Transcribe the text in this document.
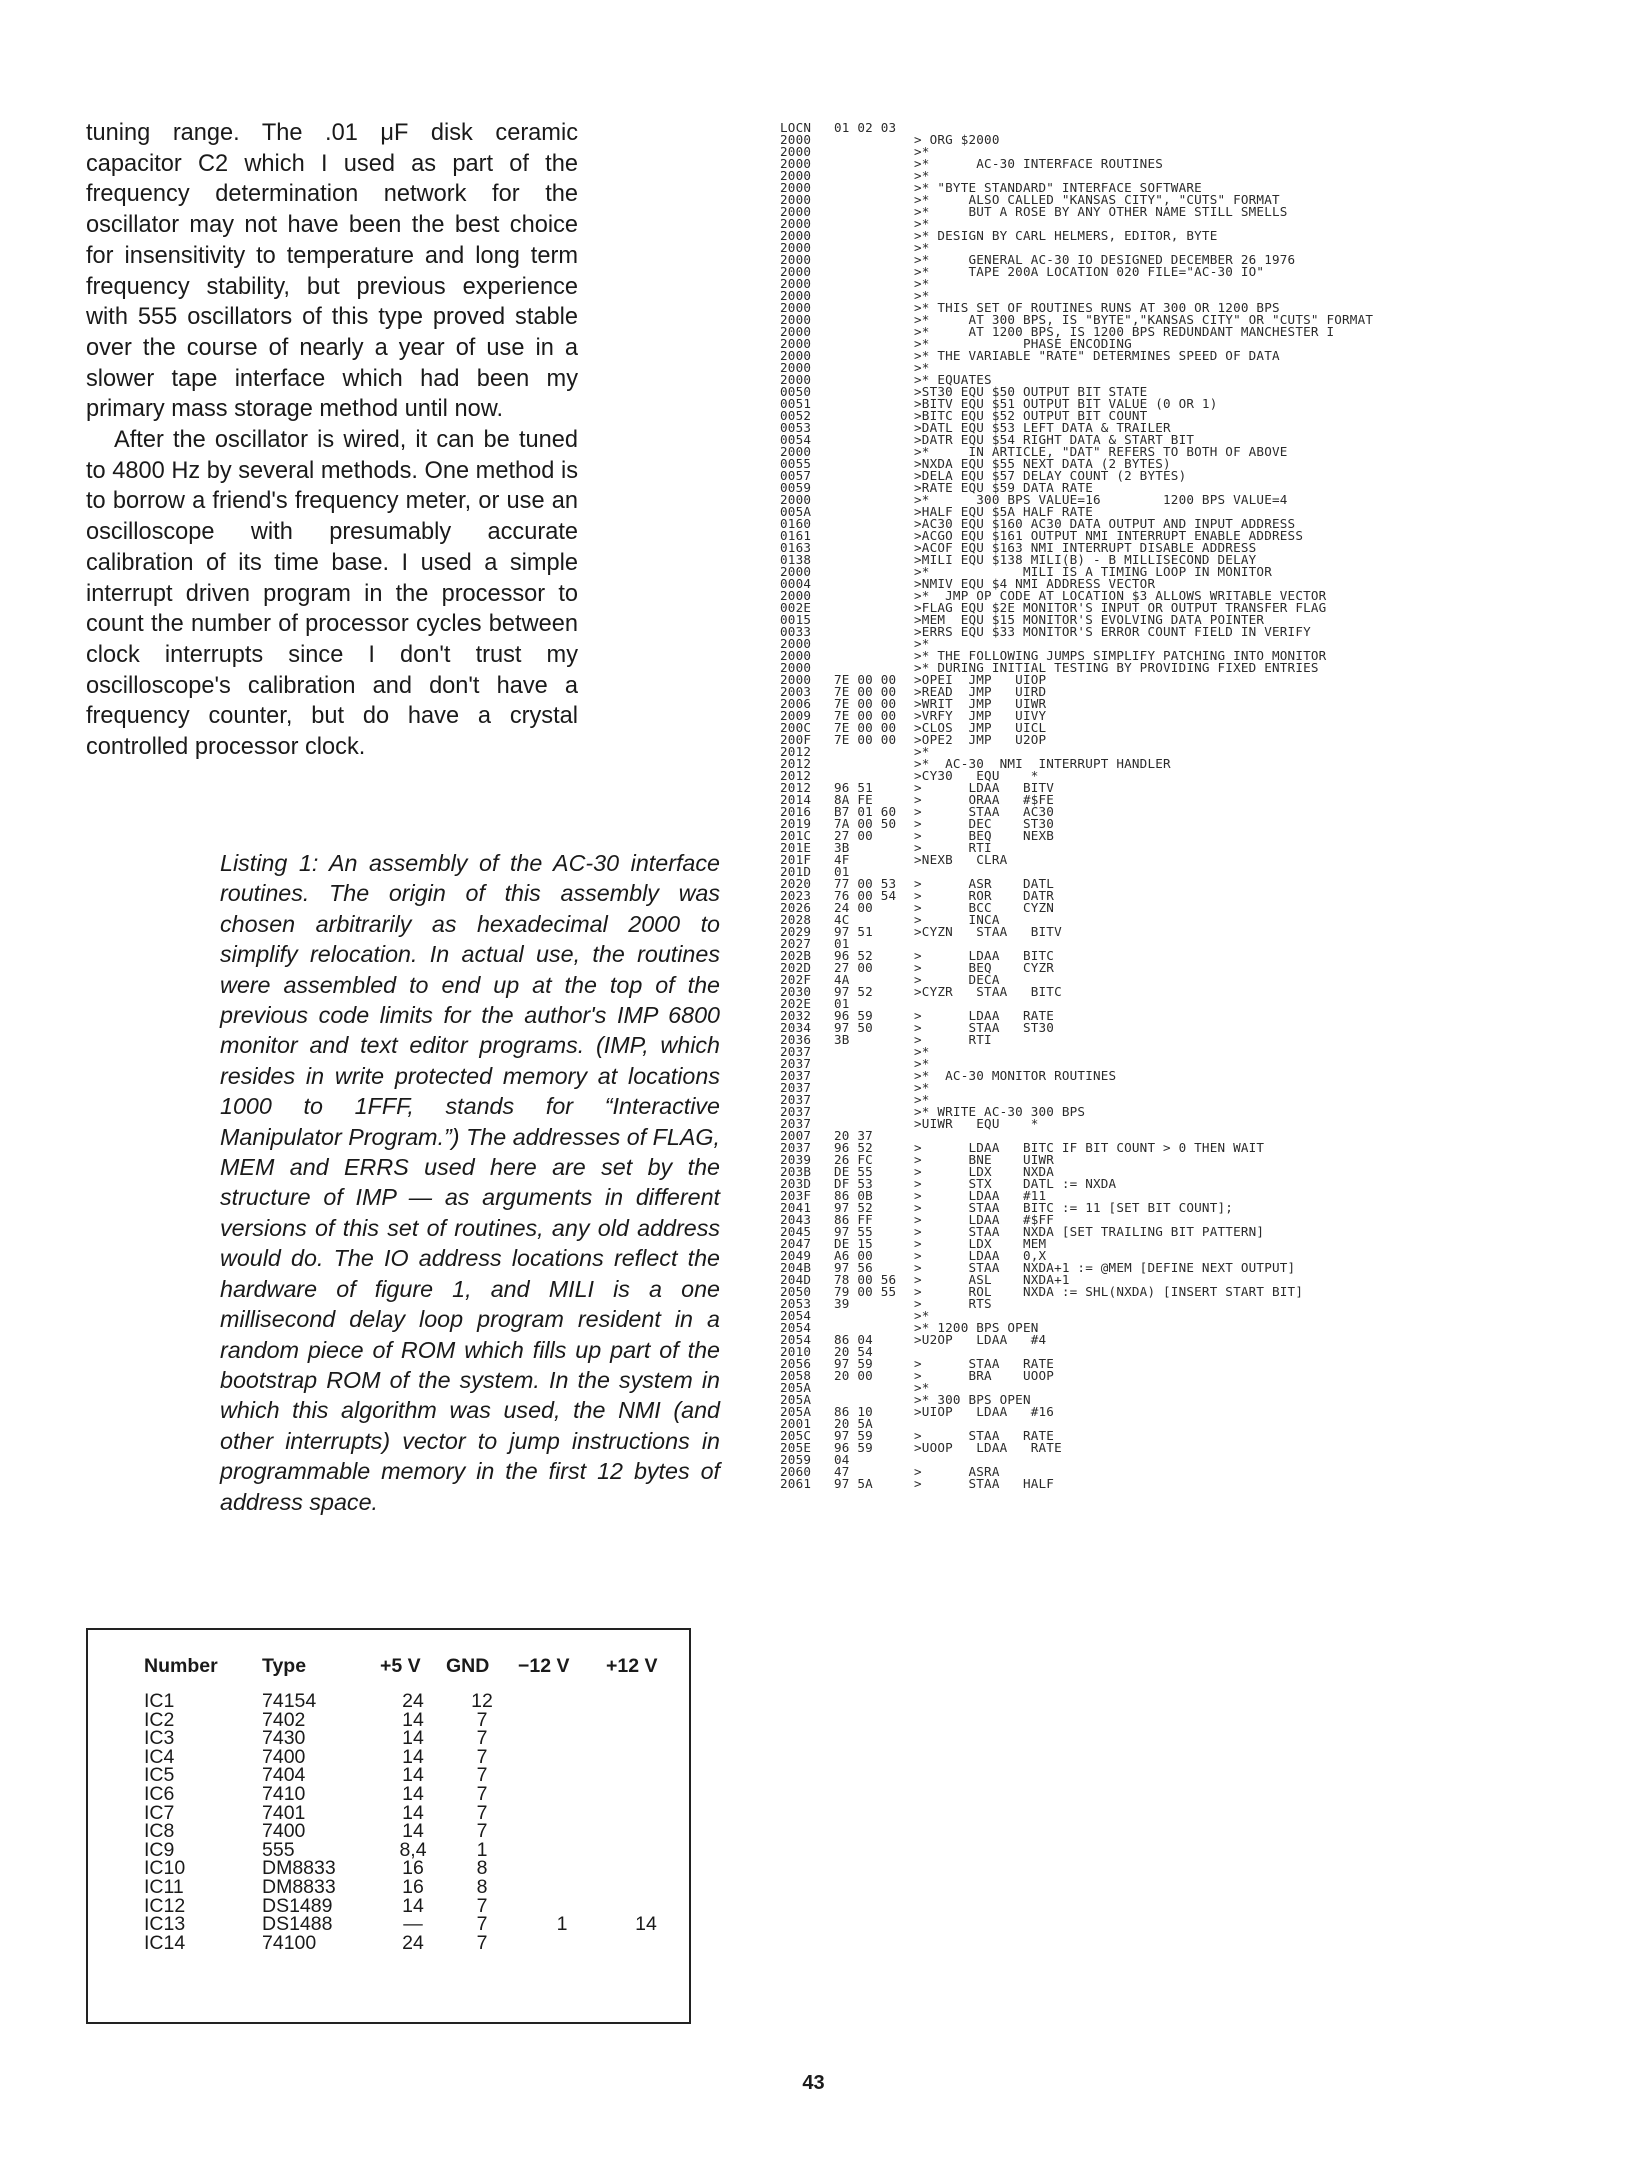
tuning range. The .01 μF disk ceramic capacitor C2 which I used as part of the frequency determination network for the oscillator may not have been the best choice for insensitivity to temperature and long term frequency stability, but previous experience with 555 oscillators of this type proved stable over the course of nearly a year of use in a slower tape interface which had been my primary mass storage method until now.

After the oscillator is wired, it can be tuned to 4800 Hz by several methods. One method is to borrow a friend's frequency meter, or use an oscilloscope with presumably accurate calibration of its time base. I used a simple interrupt driven program in the processor to count the number of processor cycles between clock interrupts since I don't trust my oscilloscope's calibration and don't have a frequency counter, but do have a crystal controlled processor clock.

Listing 1: An assembly of the AC-30 interface routines. The origin of this assembly was chosen arbitrarily as hexadecimal 2000 to simplify relocation. In actual use, the routines were assembled to end up at the top of the previous code limits for the author's IMP 6800 monitor and text editor programs. (IMP, which resides in write protected memory at locations 1000 to 1FFF, stands for “Interactive Manipulator Program.”) The addresses of FLAG, MEM and ERRS used here are set by the structure of IMP — as arguments in different versions of this set of routines, any old address would do. The IO address locations reflect the hardware of figure 1, and MILI is a one millisecond delay loop program resident in a random piece of ROM which fills up part of the bootstrap ROM of the system. In the system in which this algorithm was used, the NMI (and other interrupts) vector to jump instructions in programmable memory in the first 12 bytes of address space.

Number	Type	+5 V	GND	−12 V	+12 V
IC1	74154	24	12		
IC2	7402	14	7		
IC3	7430	14	7		
IC4	7400	14	7		
IC5	7404	14	7		
IC6	7410	14	7		
IC7	7401	14	7		
IC8	7400	14	7		
IC9	555	8,4	1		
IC10	DM8833	16	8		
IC11	DM8833	16	8		
IC12	DS1489	14	7		
IC13	DS1488	—	7	1	14
IC14	74100	24	7		
LOCN 01 02 03
2000	> ORG $2000
2000	>*
2000	>*      AC-30 INTERFACE ROUTINES
2000	>*
2000	>* "BYTE STANDARD" INTERFACE SOFTWARE
2000	>*     ALSO CALLED "KANSAS CITY", "CUTS" FORMAT
2000	>*     BUT A ROSE BY ANY OTHER NAME STILL SMELLS
2000	>*
2000	>* DESIGN BY CARL HELMERS, EDITOR, BYTE
2000	>*
2000	>*     GENERAL AC-30 IO DESIGNED DECEMBER 26 1976
2000	>*     TAPE 200A LOCATION 020 FILE="AC-30 IO"
2000	>*
2000	>*
2000	>* THIS SET OF ROUTINES RUNS AT 300 OR 1200 BPS
2000	>*     AT 300 BPS, IS "BYTE","KANSAS CITY" OR "CUTS" FORMAT
2000	>*     AT 1200 BPS, IS 1200 BPS REDUNDANT MANCHESTER I
2000	>*            PHASE ENCODING
2000	>* THE VARIABLE "RATE" DETERMINES SPEED OF DATA
2000	>*
2000	>* EQUATES
0050	>ST30 EQU $50 OUTPUT BIT STATE
0051	>BITV EQU $51 OUTPUT BIT VALUE (0 OR 1)
0052	>BITC EQU $52 OUTPUT BIT COUNT
0053	>DATL EQU $53 LEFT DATA & TRAILER
0054	>DATR EQU $54 RIGHT DATA & START BIT
2000	>*     IN ARTICLE, "DAT" REFERS TO BOTH OF ABOVE
0055	>NXDA EQU $55 NEXT DATA (2 BYTES)
0057	>DELA EQU $57 DELAY COUNT (2 BYTES)
0059	>RATE EQU $59 DATA RATE
2000	>*      300 BPS VALUE=16        1200 BPS VALUE=4
005A	>HALF EQU $5A HALF RATE
0160	>AC30 EQU $160 AC30 DATA OUTPUT AND INPUT ADDRESS
0161	>ACGO EQU $161 OUTPUT NMI INTERRUPT ENABLE ADDRESS
0163	>ACOF EQU $163 NMI INTERRUPT DISABLE ADDRESS
0138	>MILI EQU $138 MILI(B) - B MILLISECOND DELAY
2000	>*            MILI IS A TIMING LOOP IN MONITOR
0004	>NMIV EQU $4 NMI ADDRESS VECTOR
2000	>*  JMP OP CODE AT LOCATION $3 ALLOWS WRITABLE VECTOR
002E	>FLAG EQU $2E MONITOR'S INPUT OR OUTPUT TRANSFER FLAG
0015	>MEM  EQU $15 MONITOR'S EVOLVING DATA POINTER
0033	>ERRS EQU $33 MONITOR'S ERROR COUNT FIELD IN VERIFY
2000	>*
2000	>* THE FOLLOWING JUMPS SIMPLIFY PATCHING INTO MONITOR
2000	>* DURING INITIAL TESTING BY PROVIDING FIXED ENTRIES
2000 7E 00 00 >OPEI  JMP   UIOP
2003 7E 00 00 >READ  JMP   UIRD
2006 7E 00 00 >WRIT  JMP   UIWR
2009 7E 00 00 >VRFY  JMP   UIVY
200C 7E 00 00 >CLOS  JMP   UICL
200F 7E 00 00 >OPE2  JMP   U2OP
2012	>*
2012	>*  AC-30  NMI  INTERRUPT HANDLER
2012	>CY30   EQU    *
2012 96 51	>      LDAA   BITV
2014 8A FE	>      ORAA   #$FE
2016 B7 01 60 >      STAA   AC30
2019 7A 00 50 >      DEC    ST30
201C 27 00	>      BEQ    NEXB
201E 3B	>      RTI
201F 4F	>NEXB   CLRA
201D 01
2020 77 00 53 >      ASR    DATL
2023 76 00 54 >      ROR    DATR
2026 24 00	>      BCC    CYZN
2028 4C	>      INCA
2029 97 51	>CYZN   STAA   BITV
2027 01
202B 96 52	>      LDAA   BITC
202D 27 00	>      BEQ    CYZR
202F 4A	>      DECA
2030 97 52	>CYZR   STAA   BITC
202E 01
2032 96 59	>      LDAA   RATE
2034 97 50	>      STAA   ST30
2036 3B	>      RTI
2037	>*
2037	>*
2037	>*  AC-30 MONITOR ROUTINES
2037	>*
2037	>*
2037	>* WRITE AC-30 300 BPS
2037	>UIWR   EQU    *
2007 20 37
2037 96 52	>      LDAA   BITC IF BIT COUNT > 0 THEN WAIT
2039 26 FC	>      BNE    UIWR
203B DE 55	>      LDX    NXDA
203D DF 53	>      STX    DATL := NXDA
203F 86 0B	>      LDAA   #11
2041 97 52	>      STAA   BITC := 11 [SET BIT COUNT];
2043 86 FF	>      LDAA   #$FF
2045 97 55	>      STAA   NXDA [SET TRAILING BIT PATTERN]
2047 DE 15	>      LDX    MEM
2049 A6 00	>      LDAA   0,X
204B 97 56	>      STAA   NXDA+1 := @MEM [DEFINE NEXT OUTPUT]
204D 78 00 56 >      ASL    NXDA+1
2050 79 00 55 >      ROL    NXDA := SHL(NXDA) [INSERT START BIT]
2053 39	>      RTS
2054	>*
2054	>* 1200 BPS OPEN
2054 86 04	>U2OP   LDAA   #4
2010 20 54
2056 97 59	>      STAA   RATE
2058 20 00	>      BRA    UOOP
205A	>*
205A	>* 300 BPS OPEN
205A 86 10	>UIOP   LDAA   #16
2001 20 5A
205C 97 59	>      STAA   RATE
205E 96 59	>UOOP   LDAA   RATE
2059 04
2060 47	>      ASRA
2061 97 5A	>      STAA   HALF
43
